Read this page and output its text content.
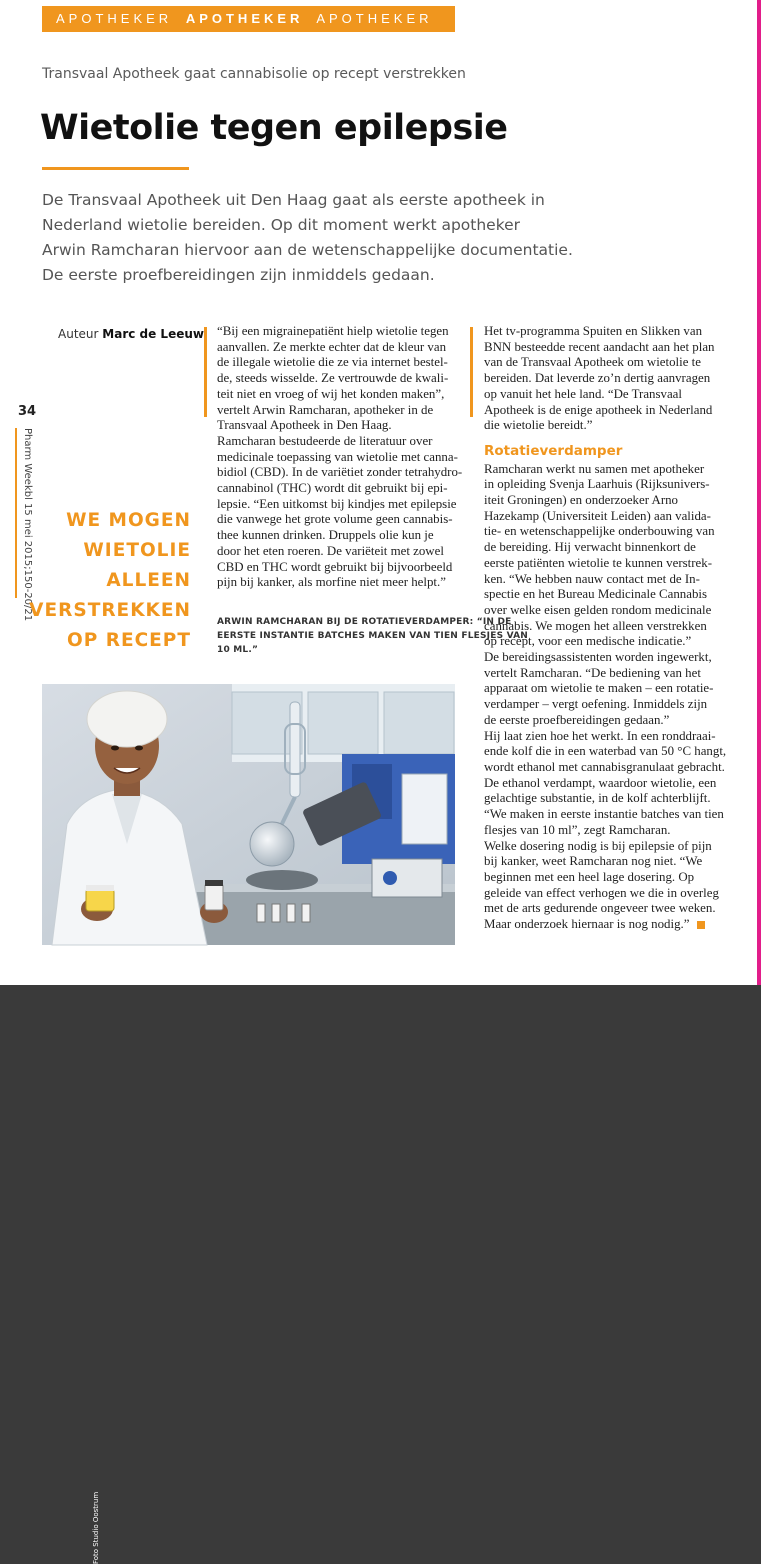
APOTHEKER APOTHEKER APOTHEKER
Transvaal Apotheek gaat cannabisolie op recept verstrekken
Wietolie tegen epilepsie
De Transvaal Apotheek uit Den Haag gaat als eerste apotheek in
Nederland wietolie bereiden. Op dit moment werkt apotheker
Arwin Ramcharan hiervoor aan de wetenschappelijke documentatie.
De eerste proefbereidingen zijn inmiddels gedaan.
Auteur Marc de Leeuw
34
Pharm Weekbl 15 mei 2015;150-20/21	WE MOGEN
WIETOLIE
ALLEEN
VERSTREKKEN
OP RECEPT
“Bij een migrainepatiënt hielp wietolie tegen
aanvallen. Ze merkte echter dat de kleur van
de illegale wietolie die ze via internet bestel-
de, steeds wisselde. Ze vertrouwde de kwali-
teit niet en vroeg of wij het konden maken”,
vertelt Arwin Ramcharan, apotheker in de
Transvaal Apotheek in Den Haag.
Ramcharan bestudeerde de literatuur over
medicinale toepassing van wietolie met canna-
bidiol (CBD). In de variëtiet zonder tetrahydro-
cannabinol (THC) wordt dit gebruikt bij epi-
lepsie. “Een uitkomst bij kindjes met epilepsie
die vanwege het grote volume geen cannabis-
thee kunnen drinken. Druppels olie kun je
door het eten roeren. De variëteit met zowel
CBD en THC wordt gebruikt bij bijvoorbeeld
pijn bij kanker, als morfine niet meer helpt.”
ARWIN RAMCHARAN BIJ DE ROTATIEVERDAMPER: “IN DE
EERSTE INSTANTIE BATCHES MAKEN VAN TIEN FLESJES VAN
10 ML.”
Het tv-programma Spuiten en Slikken van
BNN besteedde recent aandacht aan het plan
van de Transvaal Apotheek om wietolie te
bereiden. Dat leverde zo’n dertig aanvragen
op vanuit het hele land. “De Transvaal
Apotheek is de enige apotheek in Nederland
die wietolie bereidt.”
Rotatieverdamper
Ramcharan werkt nu samen met apotheker
in opleiding Svenja Laarhuis (Rijksunivers-
iteit Groningen) en onderzoeker Arno
Hazekamp (Universiteit Leiden) aan valida-
tie- en wetenschappelijke onderbouwing van
de bereiding. Hij verwacht binnenkort de
eerste patiënten wietolie te kunnen verstrek-
ken. “We hebben nauw contact met de In-
spectie en het Bureau Medicinale Cannabis
over welke eisen gelden rondom medicinale
cannabis. We mogen het alleen verstrekken
op recept, voor een medische indicatie.”
De bereidingsassistenten worden ingewerkt,
vertelt Ramcharan. “De bediening van het
apparaat om wietolie te maken – een rotatie-
verdamper – vergt oefening. Inmiddels zijn
de eerste proefbereidingen gedaan.”
Hij laat zien hoe het werkt. In een ronddraai-
ende kolf die in een waterbad van 50 °C hangt,
wordt ethanol met cannabisgranulaat gebracht.
De ethanol verdampt, waardoor wietolie, een
gelachtige substantie, in de kolf achterblijft.
“We maken in eerste instantie batches van tien
flesjes van 10 ml”, zegt Ramcharan.
Welke dosering nodig is bij epilepsie of pijn
bij kanker, weet Ramcharan nog niet. “We
beginnen met een heel lage dosering. Op
geleide van effect verhogen we die in overleg
met de arts gedurende ongeveer twee weken.
Maar onderzoek hiernaar is nog nodig.”
Foto Studio Oostrum
